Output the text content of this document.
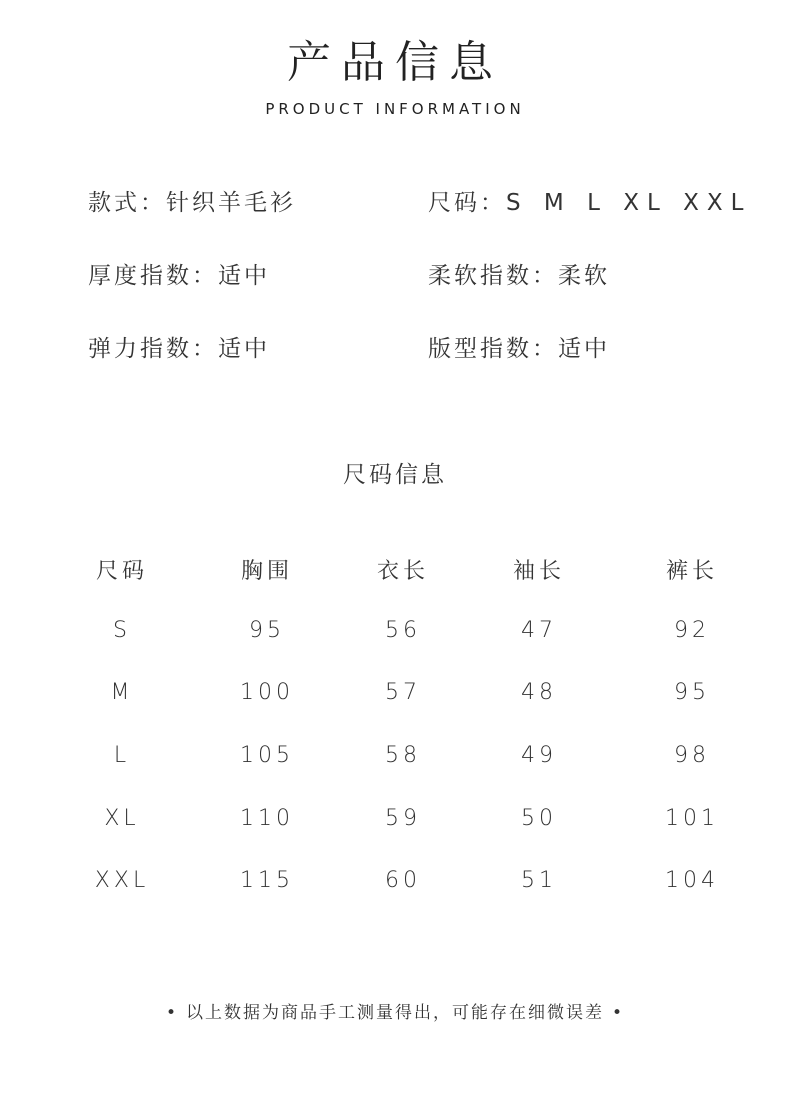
产品信息
PRODUCT INFORMATION
款式：针织羊毛衫	尺码：S M L XL XXL
厚度指数：适中	柔软指数：柔软
弹力指数：适中	版型指数：适中
尺码信息
尺码	胸围	衣长	袖长	裤长
S	95	56	47	92
M	100	57	48	95
L	105	58	49	98
XL	110	59	50	101
XXL	115	60	51	104
• 以上数据为商品手工测量得出，可能存在细微误差 •
